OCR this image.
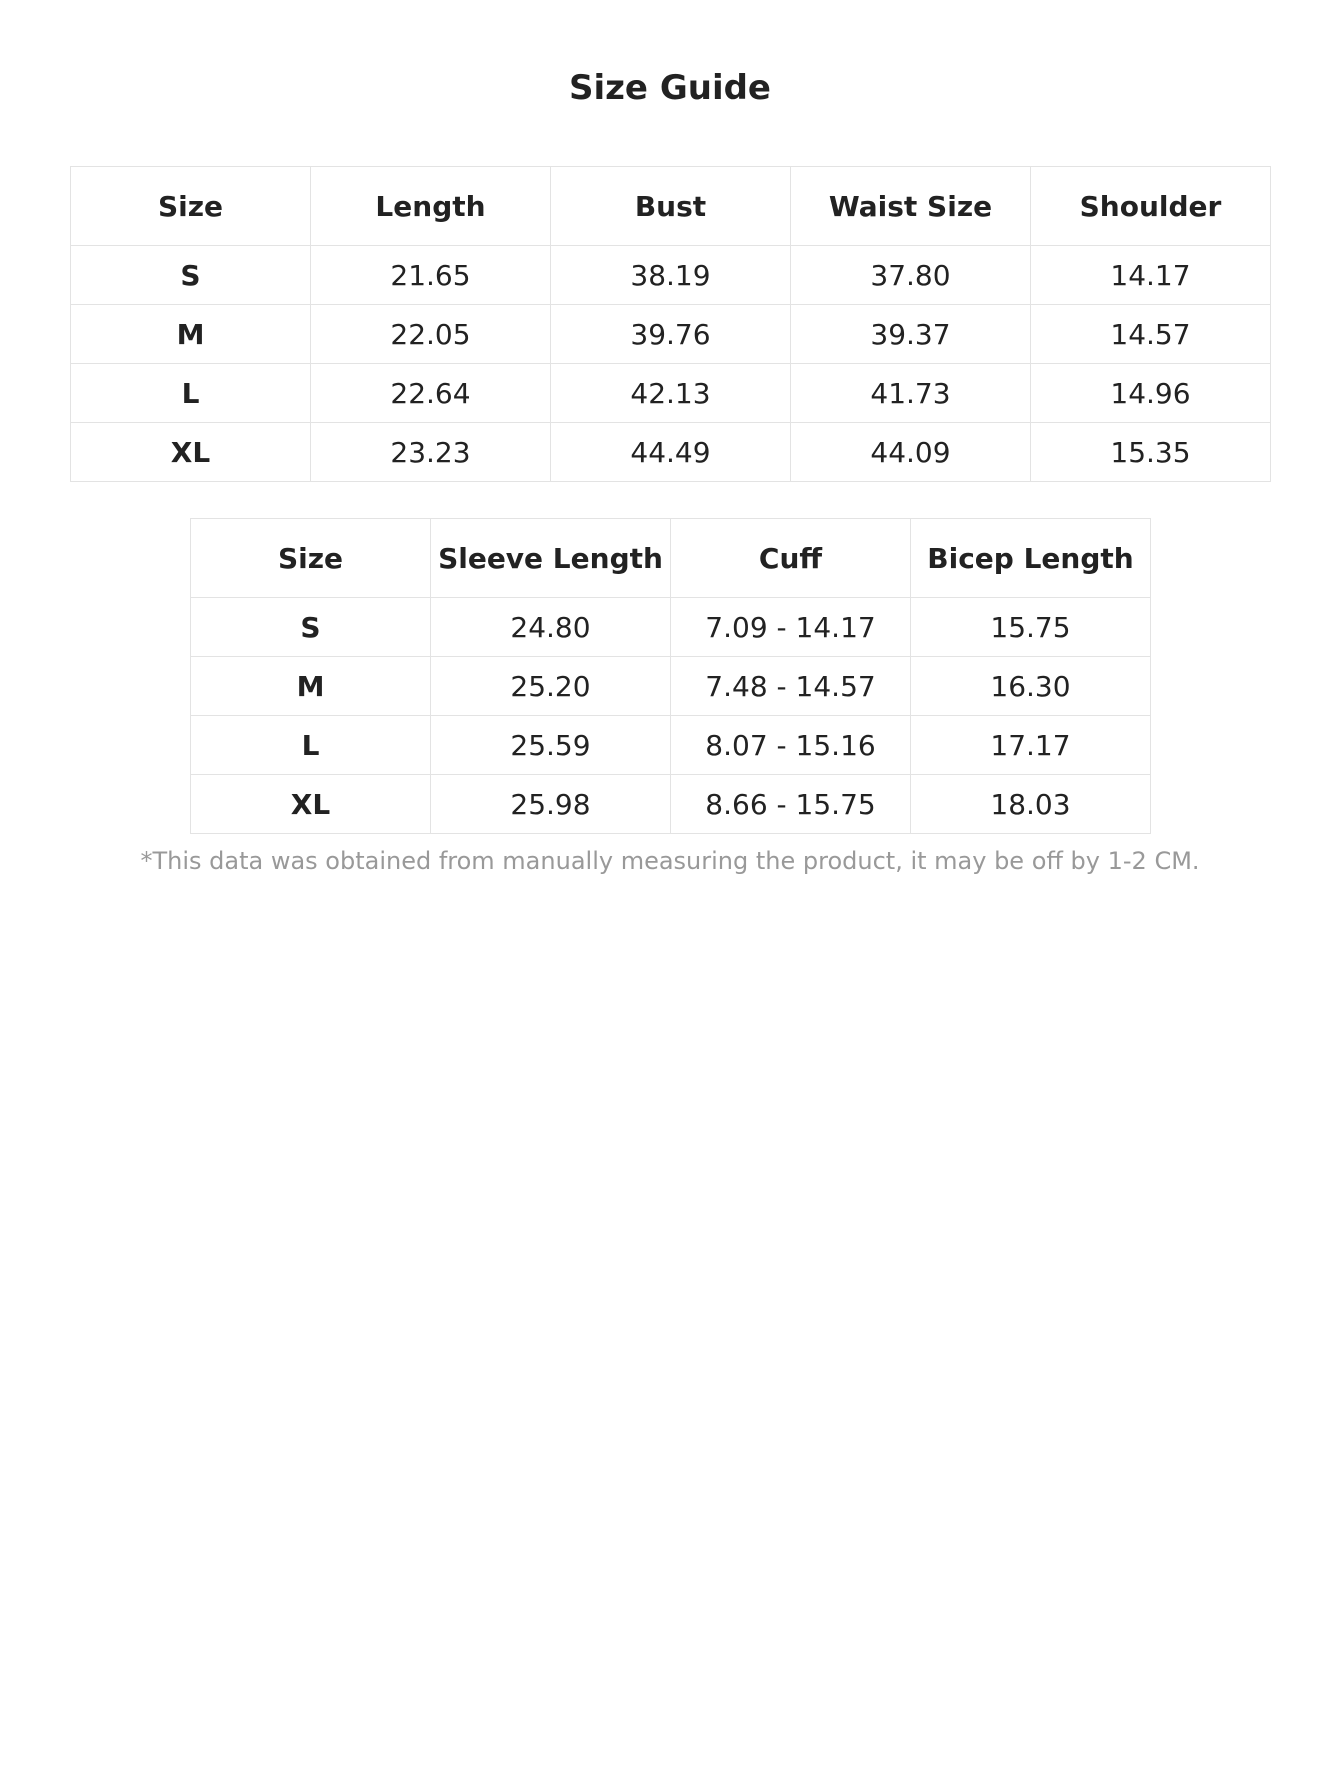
Size Guide
Size	Length	Bust	Waist Size	Shoulder
S	21.65	38.19	37.80	14.17
M	22.05	39.76	39.37	14.57
L	22.64	42.13	41.73	14.96
XL	23.23	44.49	44.09	15.35
Size	Sleeve Length	Cuff	Bicep Length
S	24.80	7.09 - 14.17	15.75
M	25.20	7.48 - 14.57	16.30
L	25.59	8.07 - 15.16	17.17
XL	25.98	8.66 - 15.75	18.03

*This data was obtained from manually measuring the product, it may be off by 1-2 CM.
